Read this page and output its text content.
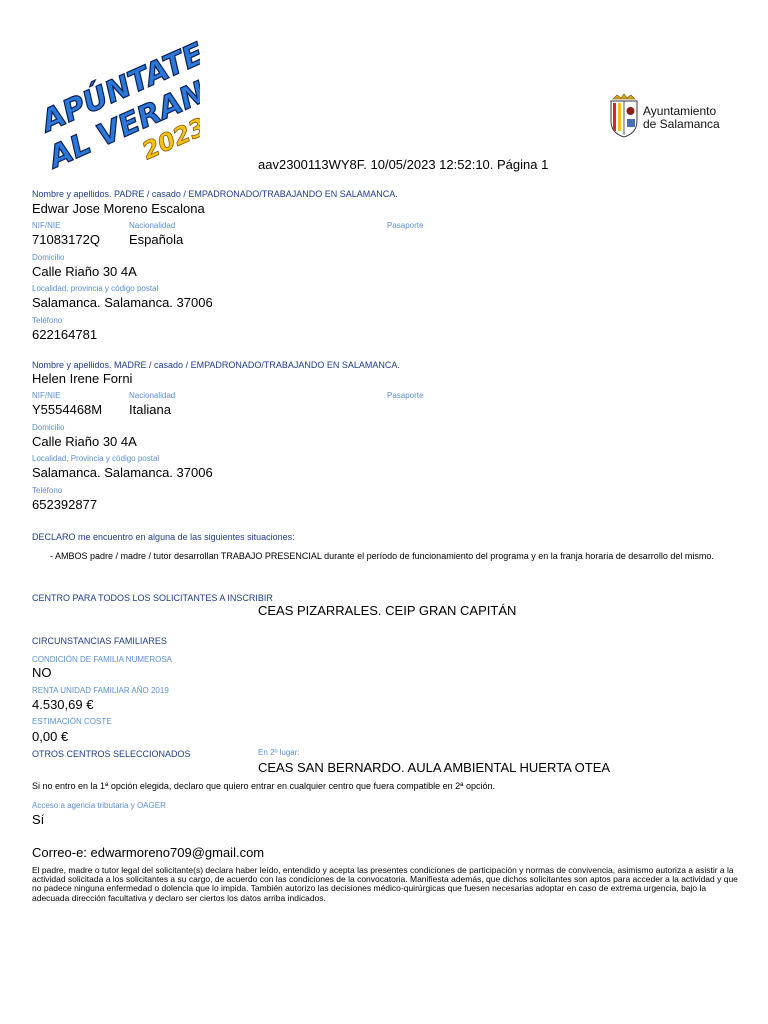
APÚNTATE
AL VERANO
2023
Ayuntamiento
de Salamanca
aav2300113WY8F. 10/05/2023 12:52:10. Página 1
Nombre y apellidos. PADRE / casado / EMPADRONADO/TRABAJANDO EN SALAMANCA.
Edwar Jose Moreno Escalona
NIF/NIE	Nacionalidad	Pasaporte
71083172Q Española
Domicilio
Calle Riaño 30 4A
Localidad, provincia y código postal
Salamanca. Salamanca. 37006
Teléfono
622164781
Nombre y apellidos. MADRE / casado / EMPADRONADO/TRABAJANDO EN SALAMANCA.
Helen Irene Forni
NIF/NIE	Nacionalidad	Pasaporte
Y5554468M Italiana
Domicilio
Calle Riaño 30 4A
Localidad, Provincia y código postal
Salamanca. Salamanca. 37006
Teléfono
652392877
DECLARO me encuentro en alguna de las siguientes situaciones:
- AMBOS padre / madre / tutor desarrollan TRABAJO PRESENCIAL durante el período de funcionamiento del programa y en la franja horaria de desarrollo del mismo.
CENTRO PARA TODOS LOS SOLICITANTES A INSCRIBIR
CEAS PIZARRALES. CEIP GRAN CAPITÁN
CIRCUNSTANCIAS FAMILIARES
CONDICIÓN DE FAMILIA NUMEROSA
NO
RENTA UNIDAD FAMILIAR AÑO 2019
4.530,69 €
ESTIMACIÓN COSTE
0,00 €
OTROS CENTROS SELECCIONADOS	En 2º lugar:
CEAS SAN BERNARDO. AULA AMBIENTAL HUERTA OTEA
Si no entro en la 1ª opción elegida, declaro que quiero entrar en cualquier centro que fuera compatible en 2ª opción.
Acceso a agencia tributaria y OAGER
Sí
Correo-e: edwarmoreno709@gmail.com
El padre, madre o tutor legal del solicitante(s) declara haber leído, entendido y acepta las presentes condiciones de participación y normas de convivencia, asimismo autoriza a asistir a la actividad solicitada a los solicitantes a su cargo, de acuerdo con las condiciones de la convocatoria. Manifiesta además, que dichos solicitantes son aptos para acceder a la actividad y que no padece ninguna enfermedad o dolencia que lo impida. También autorizo las decisiones médico-quirúrgicas que fuesen necesarias adoptar en caso de extrema urgencia, bajo la adecuada dirección facultativa y declaro ser ciertos los datos arriba indicados.
